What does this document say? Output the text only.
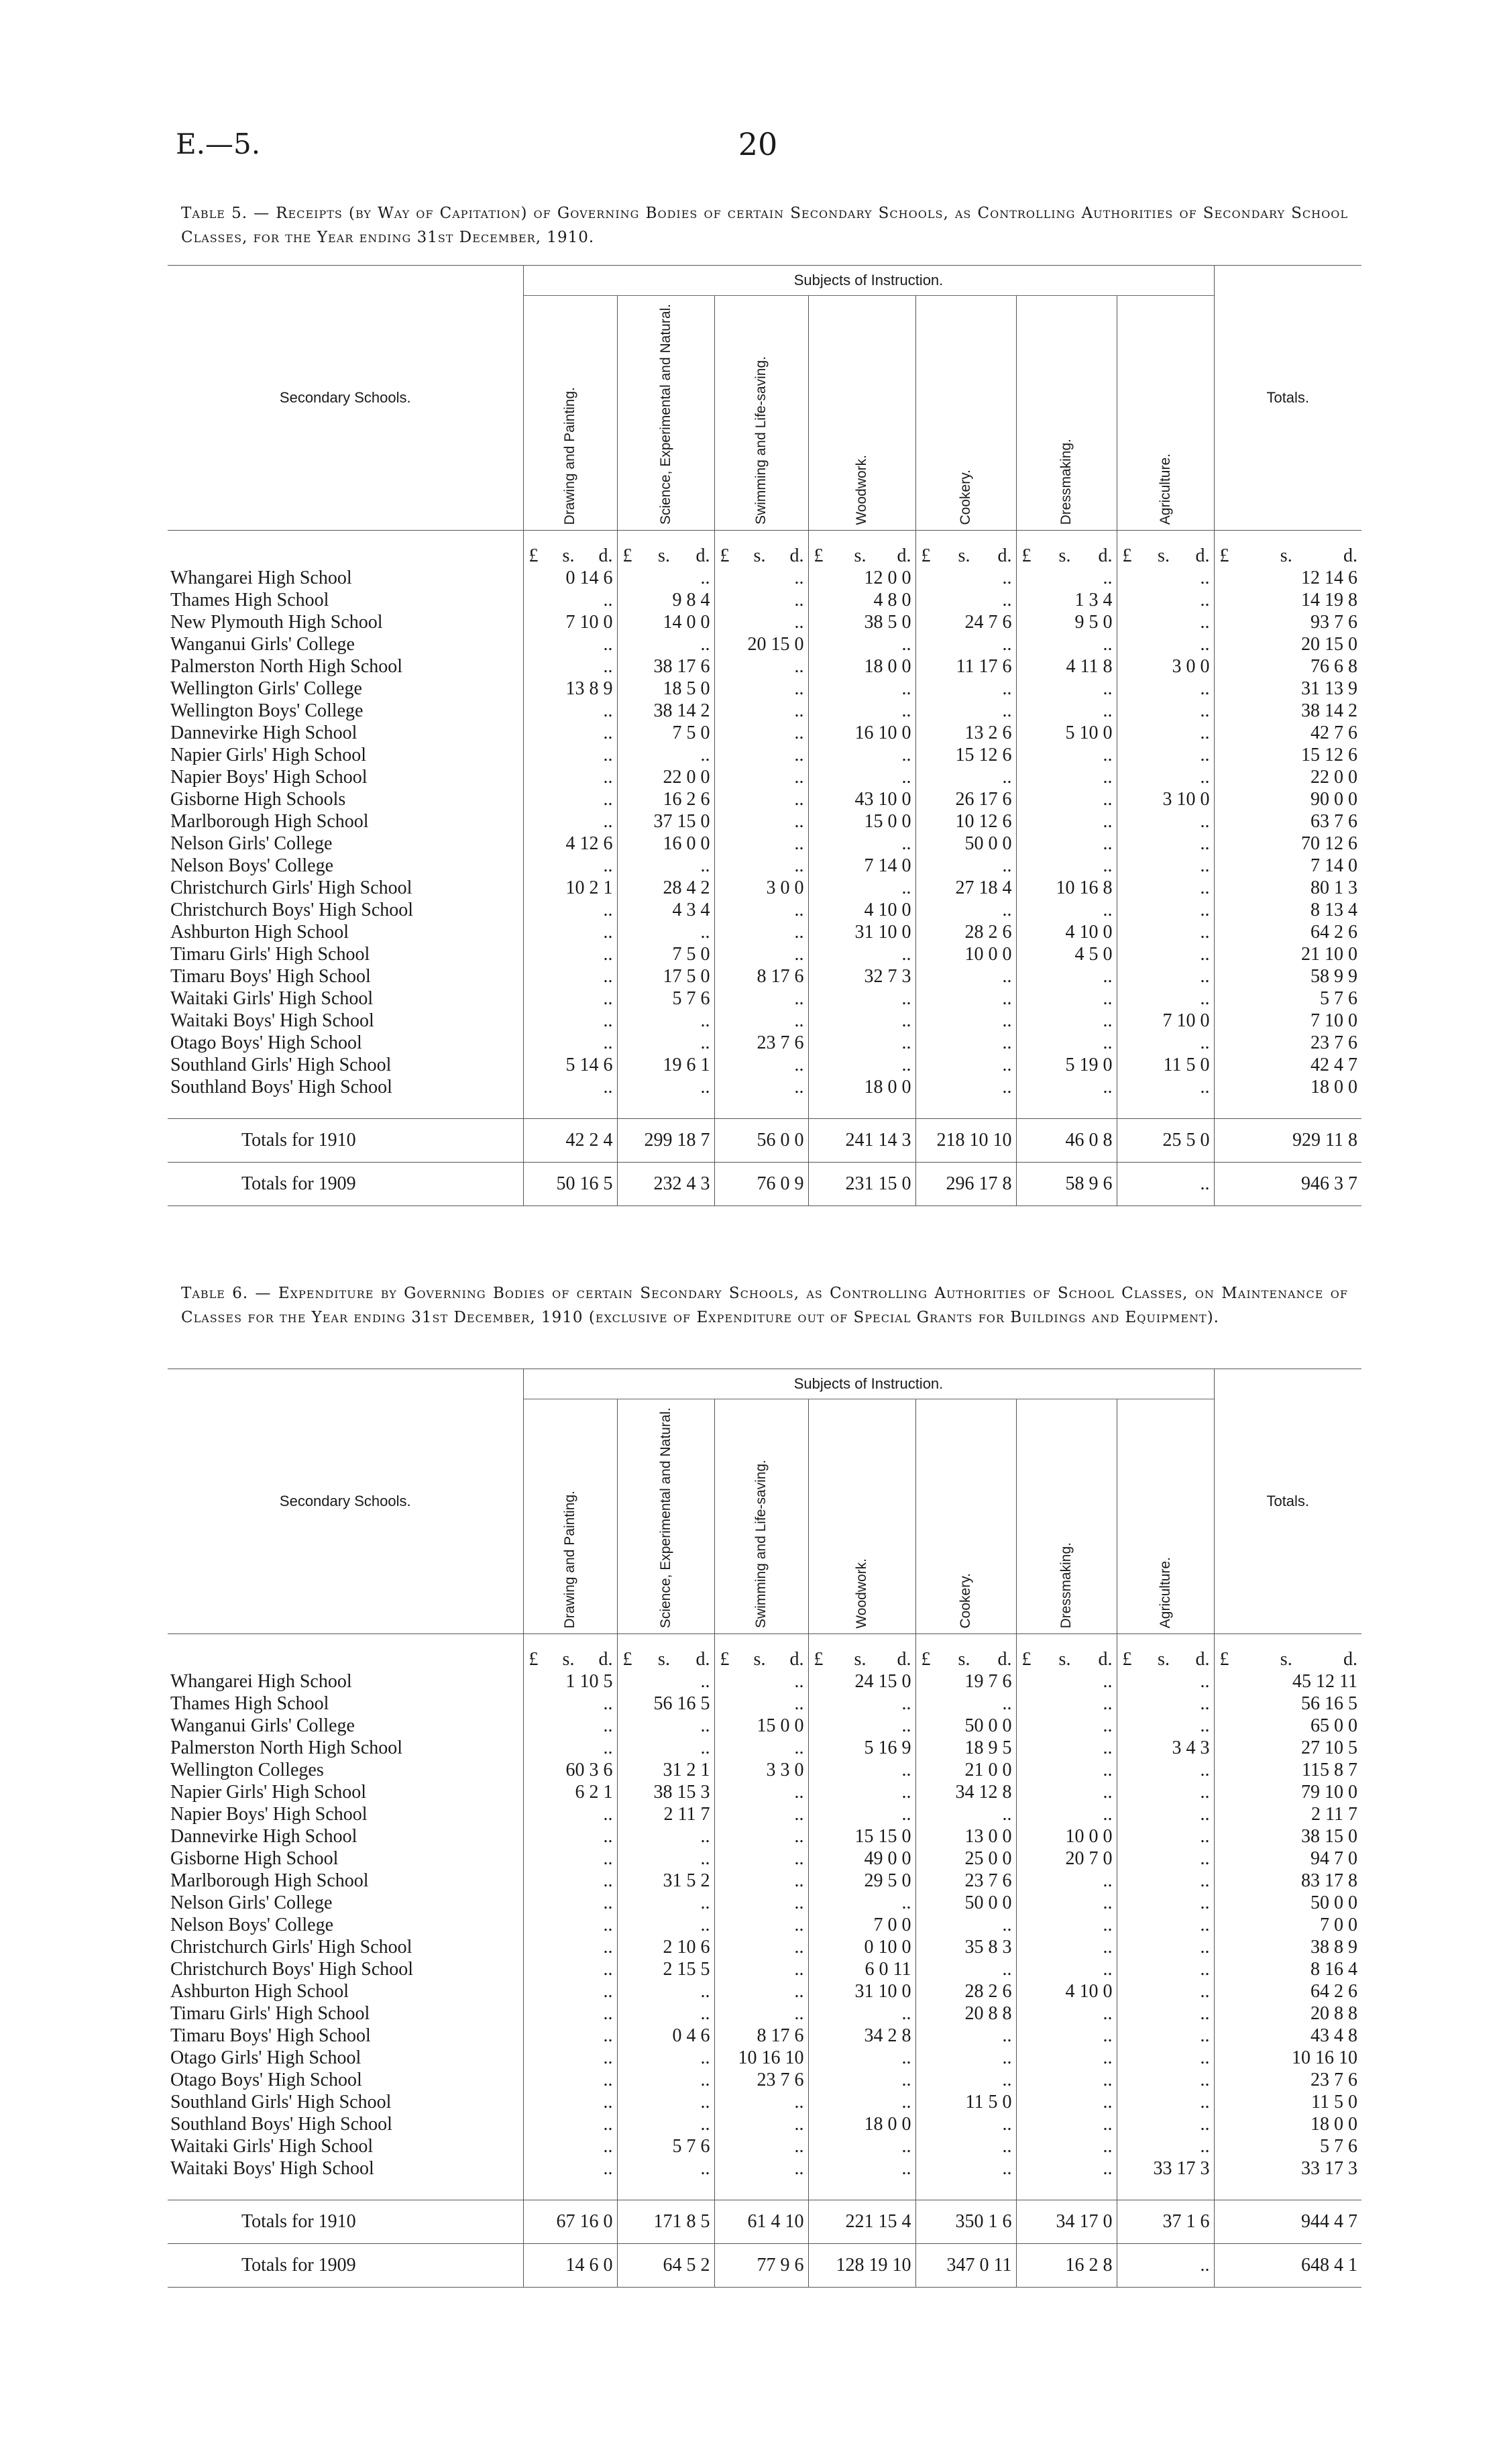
E.—5.	20
Table 5. — Receipts (by Way of Capitation) of Governing Bodies of certain Secondary Schools, as Controlling Authorities of Secondary School Classes, for the Year ending 31st December, 1910.
Secondary Schools.	Subjects of Instruction.							Totals.
	Drawing and Painting.	Science, Experimental and Natural.	Swimming and Life-saving.	Woodwork.	Cookery.	Dressmaking.	Agriculture.	

	£ s. d.	£ s. d.	£ s. d.	£ s. d.	£ s. d.	£ s. d.	£ s. d.	£ s. d.

Whangarei High School	0 14 6	..	..	12 0 0	..	..	..	12 14 6
Thames High School	..	9 8 4	..	4 8 0	..	1 3 4	..	14 19 8
New Plymouth High School	7 10 0	14 0 0	..	38 5 0	24 7 6	9 5 0	..	93 7 6
Wanganui Girls' College	..	..	20 15 0	..	..	..	..	20 15 0
Palmerston North High School	..	38 17 6	..	18 0 0	11 17 6	4 11 8	3 0 0	76 6 8
Wellington Girls' College	13 8 9	18 5 0	..	..	..	..	..	31 13 9
Wellington Boys' College	..	38 14 2	..	..	..	..	..	38 14 2
Dannevirke High School	..	7 5 0	..	16 10 0	13 2 6	5 10 0	..	42 7 6
Napier Girls' High School	..	..	..	..	15 12 6	..	..	15 12 6
Napier Boys' High School	..	22 0 0	..	..	..	..	..	22 0 0
Gisborne High Schools	..	16 2 6	..	43 10 0	26 17 6	..	3 10 0	90 0 0
Marlborough High School	..	37 15 0	..	15 0 0	10 12 6	..	..	63 7 6
Nelson Girls' College	4 12 6	16 0 0	..	..	50 0 0	..	..	70 12 6
Nelson Boys' College	..	..	..	7 14 0	..	..	..	7 14 0
Christchurch Girls' High School	10 2 1	28 4 2	3 0 0	..	27 18 4	10 16 8	..	80 1 3
Christchurch Boys' High School	..	4 3 4	..	4 10 0	..	..	..	8 13 4
Ashburton High School	..	..	..	31 10 0	28 2 6	4 10 0	..	64 2 6
Timaru Girls' High School	..	7 5 0	..	..	10 0 0	4 5 0	..	21 10 0
Timaru Boys' High School	..	17 5 0	8 17 6	32 7 3	..	..	..	58 9 9
Waitaki Girls' High School	..	5 7 6	..	..	..	..	..	5 7 6
Waitaki Boys' High School	..	..	..	..	..	..	7 10 0	7 10 0
Otago Boys' High School	..	..	23 7 6	..	..	..	..	23 7 6
Southland Girls' High School	5 14 6	19 6 1	..	..	..	5 19 0	11 5 0	42 4 7
Southland Boys' High School	..	..	..	18 0 0	..	..	..	18 0 0

Totals for 1910	42 2 4	299 18 7	56 0 0	241 14 3	218 10 10	46 0 8	25 5 0	929 11 8
Totals for 1909	50 16 5	232 4 3	76 0 9	231 15 0	296 17 8	58 9 6	..	946 3 7
Table 6. — Expenditure by Governing Bodies of certain Secondary Schools, as Controlling Authorities of School Classes, on Maintenance of Classes for the Year ending 31st December, 1910 (exclusive of Expenditure out of Special Grants for Buildings and Equipment).
Secondary Schools.	Subjects of Instruction.							Totals.
	Drawing and Painting.	Science, Experimental and Natural.	Swimming and Life-saving.	Woodwork.	Cookery.	Dressmaking.	Agriculture.	

	£ s. d.	£ s. d.	£ s. d.	£ s. d.	£ s. d.	£ s. d.	£ s. d.	£ s. d.

Whangarei High School	1 10 5	..	..	24 15 0	19 7 6	..	..	45 12 11
Thames High School	..	56 16 5	..	..	..	..	..	56 16 5
Wanganui Girls' College	..	..	15 0 0	..	50 0 0	..	..	65 0 0
Palmerston North High School	..	..	..	5 16 9	18 9 5	..	3 4 3	27 10 5
Wellington Colleges	60 3 6	31 2 1	3 3 0	..	21 0 0	..	..	115 8 7
Napier Girls' High School	6 2 1	38 15 3	..	..	34 12 8	..	..	79 10 0
Napier Boys' High School	..	2 11 7	..	..	..	..	..	2 11 7
Dannevirke High School	..	..	..	15 15 0	13 0 0	10 0 0	..	38 15 0
Gisborne High School	..	..	..	49 0 0	25 0 0	20 7 0	..	94 7 0
Marlborough High School	..	31 5 2	..	29 5 0	23 7 6	..	..	83 17 8
Nelson Girls' College	..	..	..	..	50 0 0	..	..	50 0 0
Nelson Boys' College	..	..	..	7 0 0	..	..	..	7 0 0
Christchurch Girls' High School	..	2 10 6	..	0 10 0	35 8 3	..	..	38 8 9
Christchurch Boys' High School	..	2 15 5	..	6 0 11	..	..	..	8 16 4
Ashburton High School	..	..	..	31 10 0	28 2 6	4 10 0	..	64 2 6
Timaru Girls' High School	..	..	..	..	20 8 8	..	..	20 8 8
Timaru Boys' High School	..	0 4 6	8 17 6	34 2 8	..	..	..	43 4 8
Otago Girls' High School	..	..	10 16 10	..	..	..	..	10 16 10
Otago Boys' High School	..	..	23 7 6	..	..	..	..	23 7 6
Southland Girls' High School	..	..	..	..	11 5 0	..	..	11 5 0
Southland Boys' High School	..	..	..	18 0 0	..	..	..	18 0 0
Waitaki Girls' High School	..	5 7 6	..	..	..	..	..	5 7 6
Waitaki Boys' High School	..	..	..	..	..	..	33 17 3	33 17 3

Totals for 1910	67 16 0	171 8 5	61 4 10	221 15 4	350 1 6	34 17 0	37 1 6	944 4 7
Totals for 1909	14 6 0	64 5 2	77 9 6	128 19 10	347 0 11	16 2 8	..	648 4 1
